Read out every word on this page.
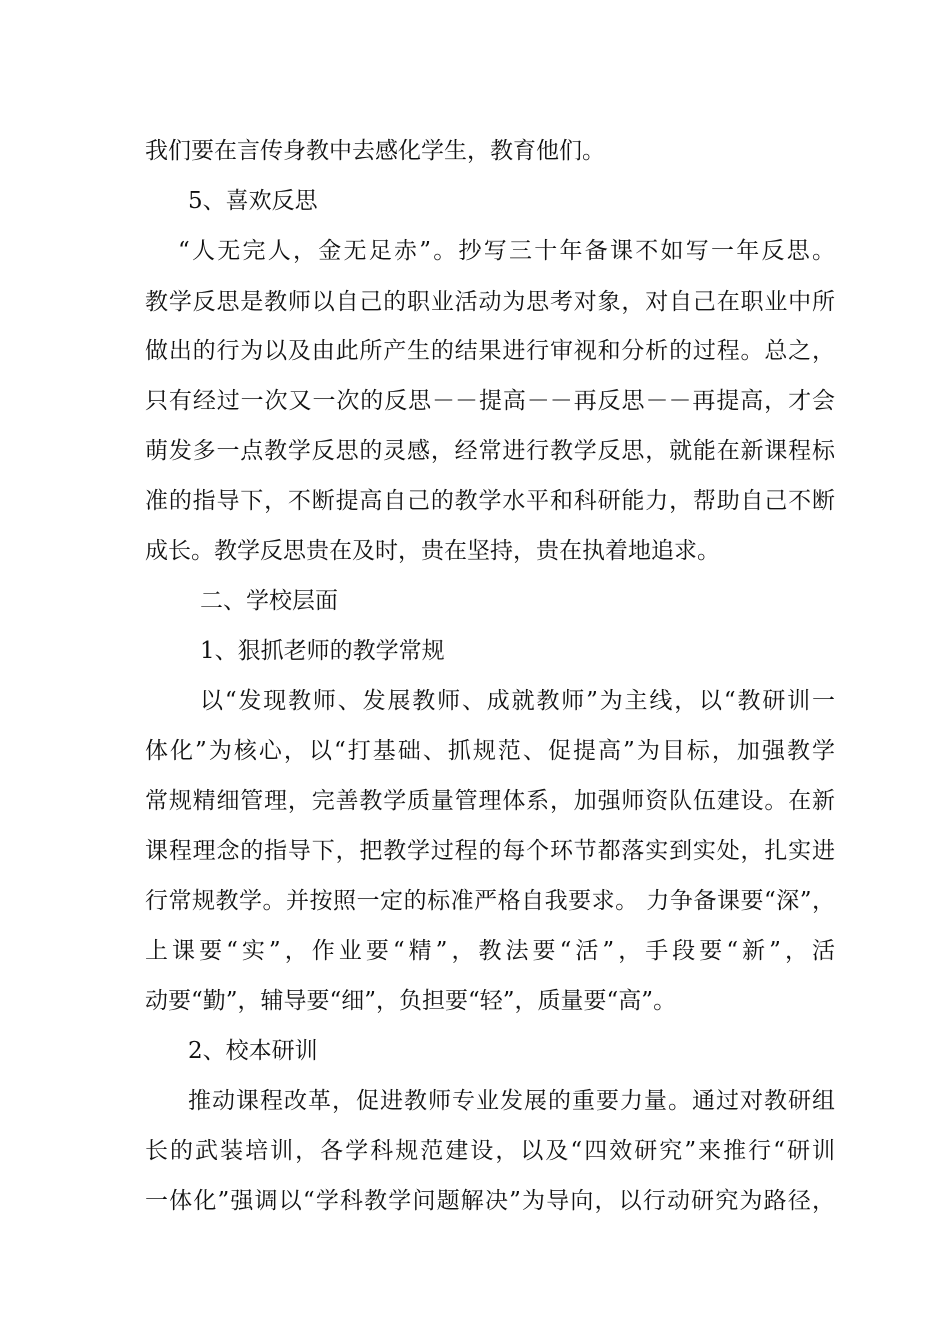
我们要在言传身教中去感化学生，教育他们。
5、喜欢反思
“人无完人，金无足赤”。抄写三十年备课不如写一年反思。
教学反思是教师以自己的职业活动为思考对象，对自己在职业中所
做出的行为以及由此所产生的结果进行审视和分析的过程。总之，
只有经过一次又一次的反思－－提高－－再反思－－再提高，才会
萌发多一点教学反思的灵感，经常进行教学反思，就能在新课程标
准的指导下，不断提高自己的教学水平和科研能力，帮助自己不断
成长。教学反思贵在及时，贵在坚持，贵在执着地追求。
二、学校层面
1、狠抓老师的教学常规
以“发现教师、发展教师、成就教师”为主线，以“教研训一
体化”为核心，以“打基础、抓规范、促提高”为目标，加强教学
常规精细管理，完善教学质量管理体系，加强师资队伍建设。在新
课程理念的指导下，把教学过程的每个环节都落实到实处，扎实进
行常规教学。并按照一定的标准严格自我要求。 力争备课要“深”，
上课要“实”，作业要“精”，教法要“活”，手段要“新”，活
动要“勤”，辅导要“细”，负担要“轻”，质量要“高”。
2、校本研训
推动课程改革，促进教师专业发展的重要力量。通过对教研组
长的武装培训，各学科规范建设，以及“四效研究”来推行“研训
一体化”强调以“学科教学问题解决”为导向，以行动研究为路径，
